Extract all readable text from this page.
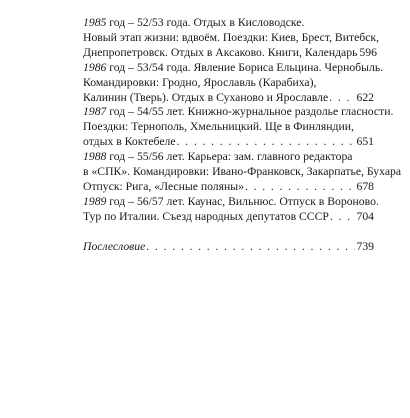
1985 год – 52/53 года. Отдых в Кисловодске.
Новый этап жизни: вдвоём. Поездки: Киев, Брест, Витебск,
Днепропетровск. Отдых в Аксаково. Книги, Календарь 596
1986 год – 53/54 года. Явление Бориса Ельцина. Чернобыль.
Командировки: Гродно, Ярославль (Карабиха),
Калинин (Тверь). Отдых в Суханово и Ярославле . . . 622
1987 год – 54/55 лет. Книжно-журнальное раздолье гласности.
Поездки: Тернополь, Хмельницкий. Ще в Финляндии,
отдых в Коктебеле . . .	651
1988 год – 55/56 лет. Карьера: зам. главного редактора
в «СПК». Командировки: Ивано-Франковск, Закарпатье, Бухара
Отпуск: Рига, «Лесные поляны» . . .	678
1989 год – 56/57 лет. Каунас, Вильнюс. Отпуск в Вороново.
Тур по Италии. Съезд народных депутатов СССР . . . 704
Послесловие . . .	739
